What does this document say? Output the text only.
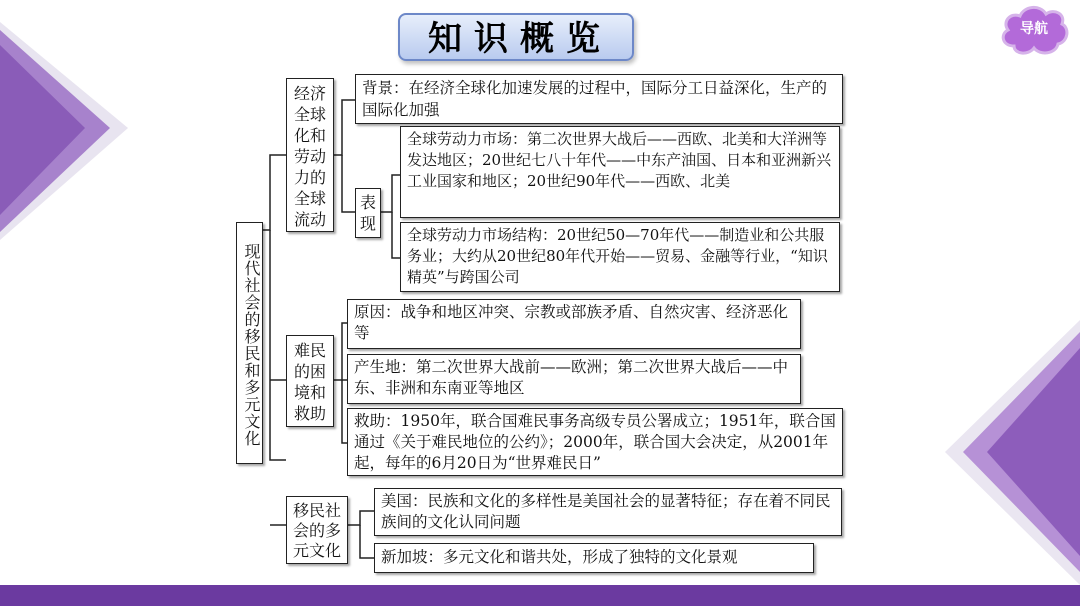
知识概览	导航
现代社会的移民和多元文化
经济全球化和劳动力的全球流动
难民的困境和救助
移民社会的多元文化
背景：在经济全球化加速发展的过程中，国际分工日益深化，生产的国际化加强
表现
全球劳动力市场：第二次世界大战后——西欧、北美和大洋洲等发达地区；20世纪七八十年代——中东产油国、日本和亚洲新兴工业国家和地区；20世纪90年代——西欧、北美
全球劳动力市场结构：20世纪50—70年代——制造业和公共服务业；大约从20世纪80年代开始——贸易、金融等行业，“知识精英”与跨国公司
原因：战争和地区冲突、宗教或部族矛盾、自然灾害、经济恶化等
产生地：第二次世界大战前——欧洲；第二次世界大战后——中东、非洲和东南亚等地区
救助：1950年，联合国难民事务高级专员公署成立；1951年，联合国通过《关于难民地位的公约》；2000年，联合国大会决定，从2001年起，每年的6月20日为“世界难民日”
美国：民族和文化的多样性是美国社会的显著特征；存在着不同民族间的文化认同问题
新加坡：多元文化和谐共处，形成了独特的文化景观
